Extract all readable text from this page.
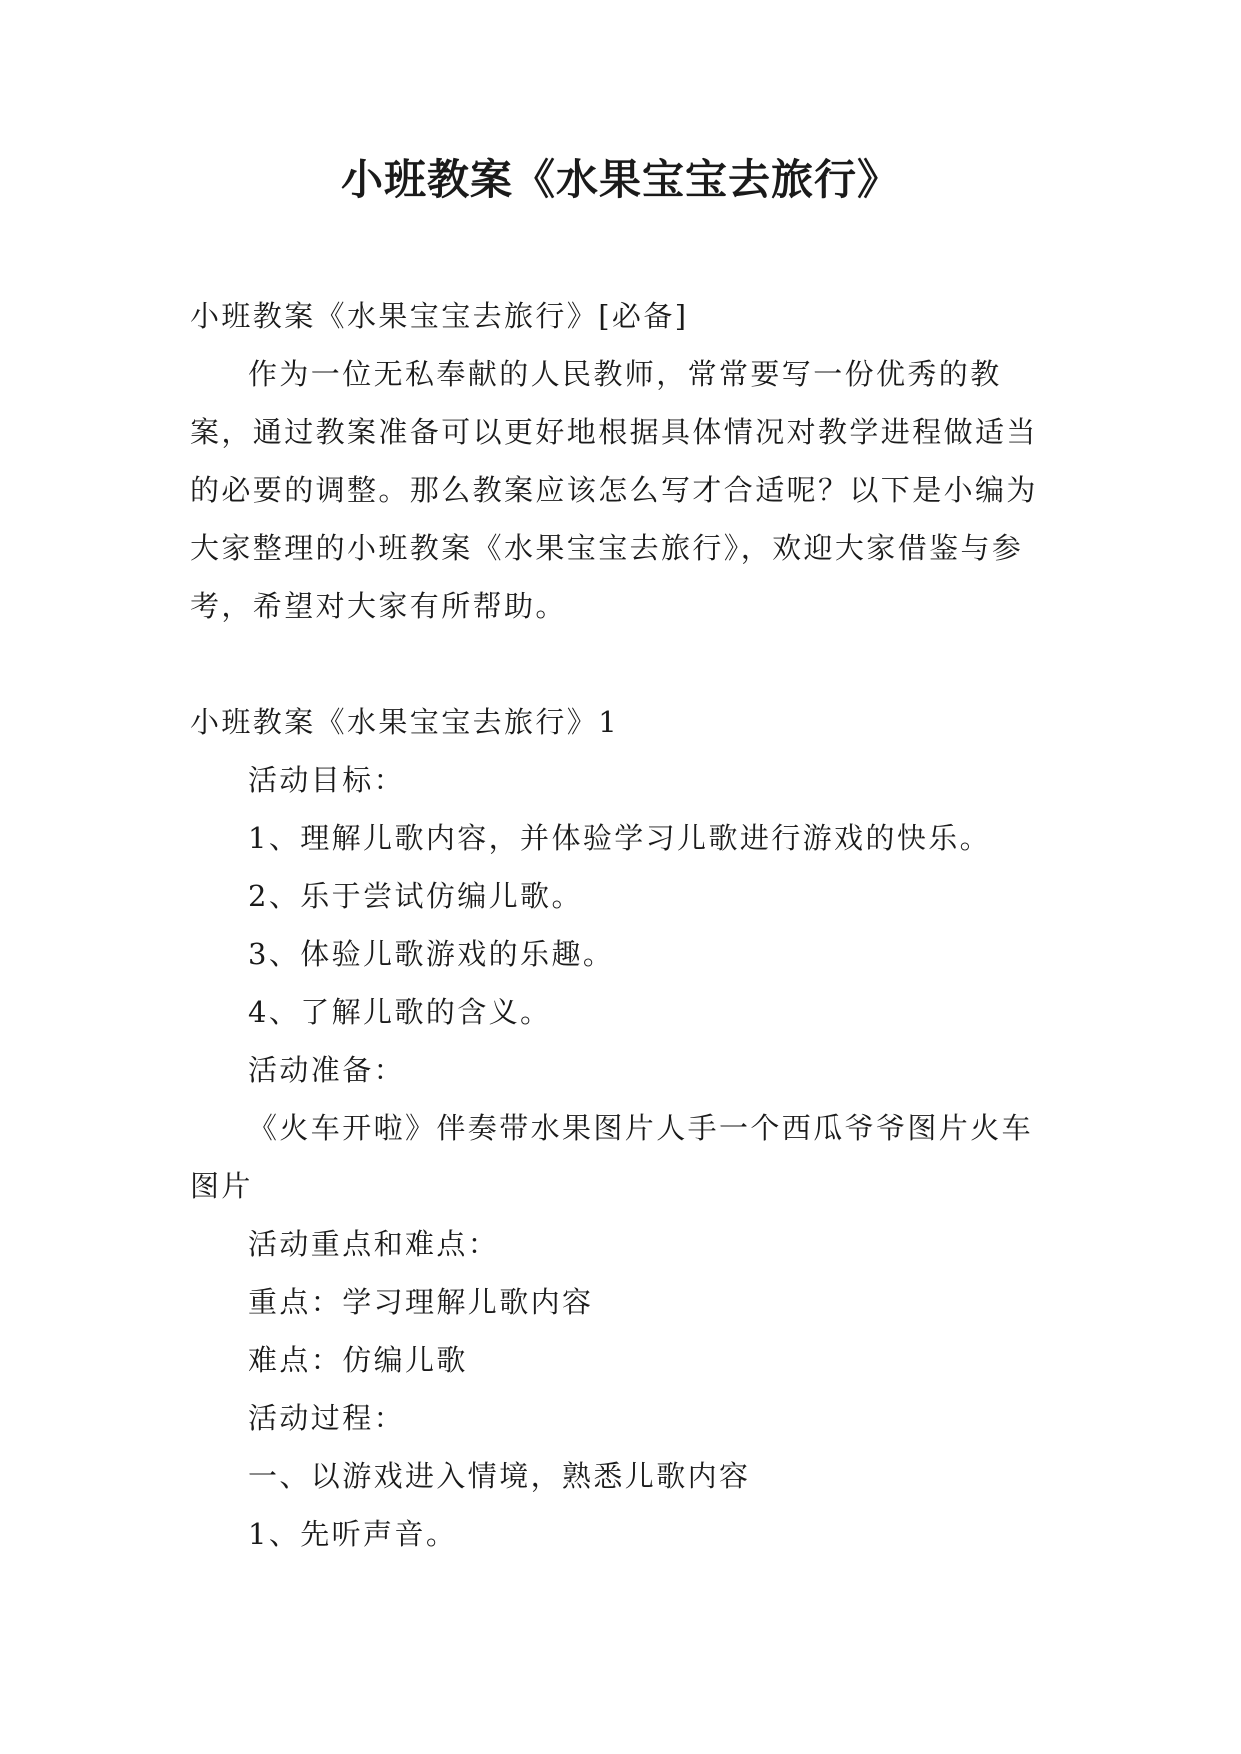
小班教案《水果宝宝去旅行》

小班教案《水果宝宝去旅行》[必备]

作为一位无私奉献的人民教师，常常要写一份优秀的教案，通过教案准备可以更好地根据具体情况对教学进程做适当的必要的调整。那么教案应该怎么写才合适呢？以下是小编为大家整理的小班教案《水果宝宝去旅行》，欢迎大家借鉴与参考，希望对大家有所帮助。

小班教案《水果宝宝去旅行》1

活动目标：

1、理解儿歌内容，并体验学习儿歌进行游戏的快乐。

2、乐于尝试仿编儿歌。

3、体验儿歌游戏的乐趣。

4、了解儿歌的含义。

活动准备：

《火车开啦》伴奏带水果图片人手一个西瓜爷爷图片火车图片

活动重点和难点：

重点：学习理解儿歌内容

难点：仿编儿歌

活动过程：

一、以游戏进入情境，熟悉儿歌内容

1、先听声音。
